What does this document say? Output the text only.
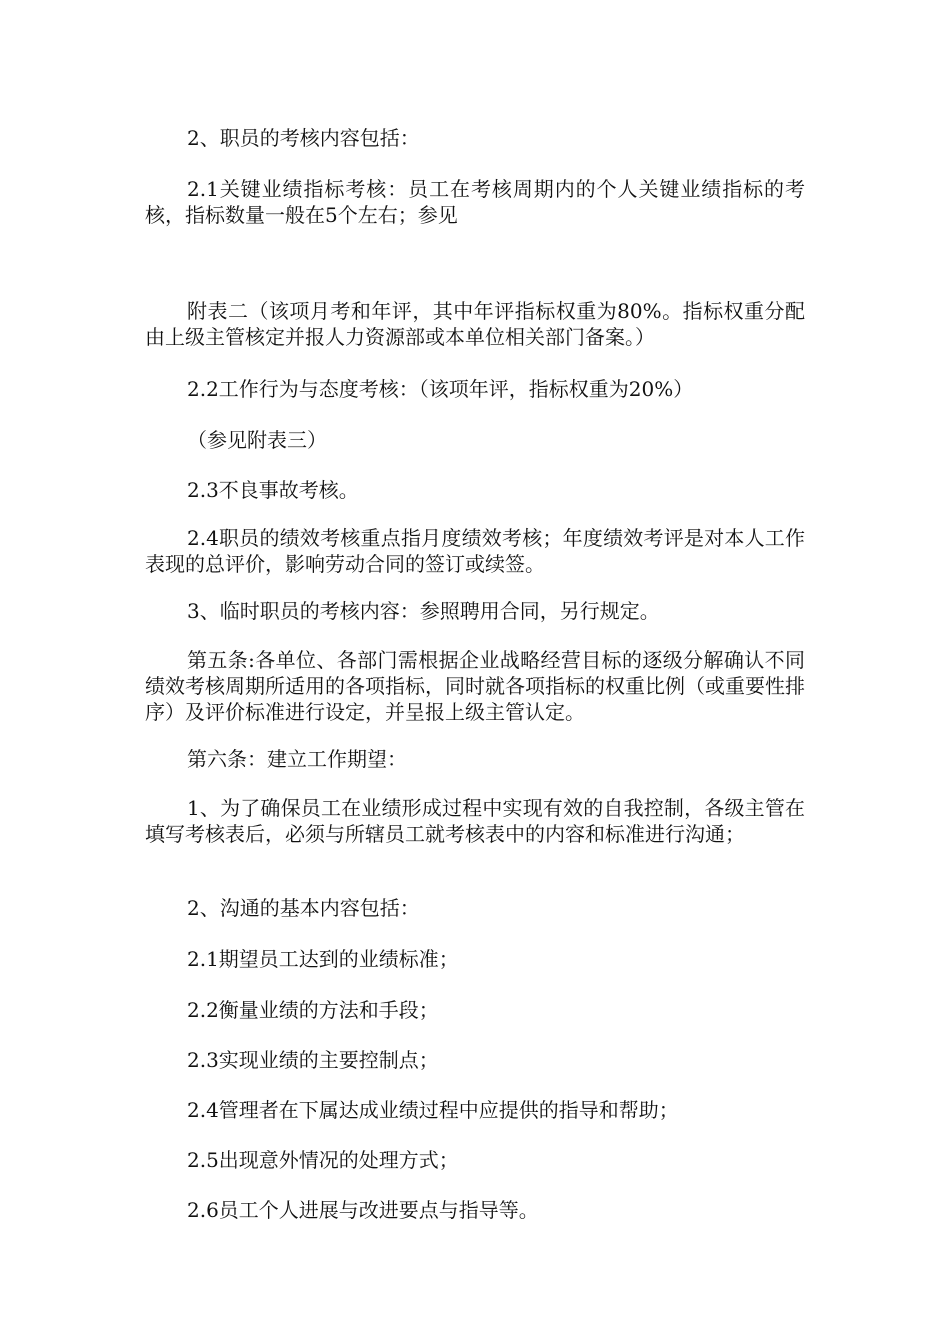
2、职员的考核内容包括：

2.1关键业绩指标考核：员工在考核周期内的个人关键业绩指标的考核，指标数量一般在5个左右；参见

附表二（该项月考和年评，其中年评指标权重为80%。指标权重分配由上级主管核定并报人力资源部或本单位相关部门备案。）

2.2工作行为与态度考核：（该项年评，指标权重为20%）

（参见附表三）

2.3不良事故考核。

2.4职员的绩效考核重点指月度绩效考核；年度绩效考评是对本人工作表现的总评价，影响劳动合同的签订或续签。

3、临时职员的考核内容：参照聘用合同，另行规定。

第五条:各单位、各部门需根据企业战略经营目标的逐级分解确认不同绩效考核周期所适用的各项指标，同时就各项指标的权重比例（或重要性排序）及评价标准进行设定，并呈报上级主管认定。

第六条：建立工作期望：

1、为了确保员工在业绩形成过程中实现有效的自我控制，各级主管在填写考核表后，必须与所辖员工就考核表中的内容和标准进行沟通；

2、沟通的基本内容包括：

2.1期望员工达到的业绩标准；

2.2衡量业绩的方法和手段；

2.3实现业绩的主要控制点；

2.4管理者在下属达成业绩过程中应提供的指导和帮助；

2.5出现意外情况的处理方式；

2.6员工个人进展与改进要点与指导等。
